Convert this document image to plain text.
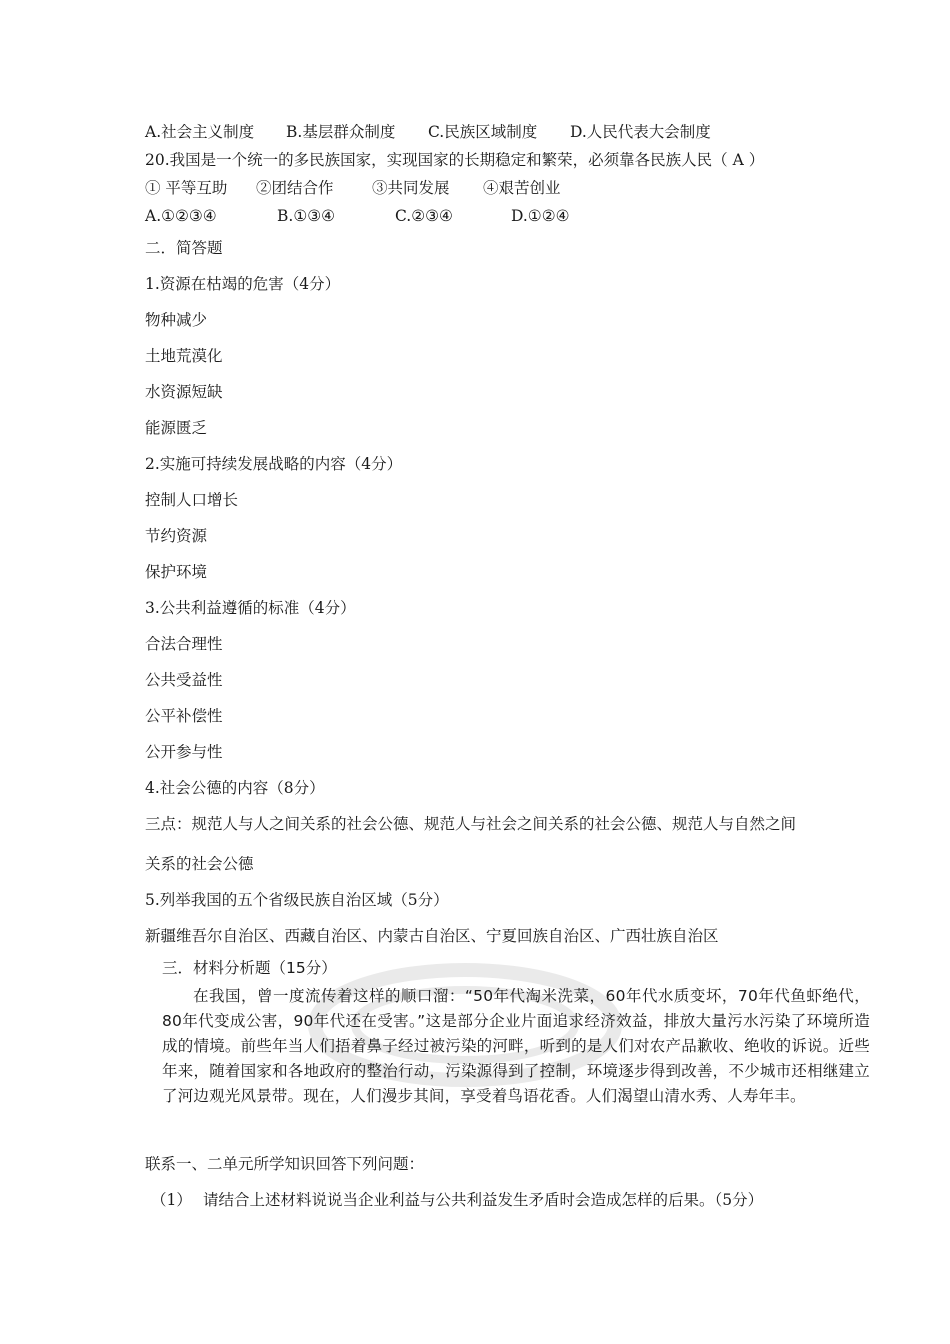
A.社会主义制度 B.基层群众制度 C.民族区域制度 D.人民代表大会制度
20.我国是一个统一的多民族国家，实现国家的长期稳定和繁荣，必须靠各民族人民（ A ）
① 平等互助 ②团结合作 ③共同发展 ④艰苦创业
A.①②③④	B.①③④	C.②③④	D.①②④
二．简答题
1.资源在枯竭的危害（4分）
物种减少
土地荒漠化
水资源短缺
能源匮乏
2.实施可持续发展战略的内容（4分）
控制人口增长
节约资源
保护环境
3.公共利益遵循的标准（4分）
合法合理性
公共受益性
公平补偿性
公开参与性
4.社会公德的内容（8分）
三点：规范人与人之间关系的社会公德、规范人与社会之间关系的社会公德、规范人与自然之间
关系的社会公德
5.列举我国的五个省级民族自治区域（5分）
新疆维吾尔自治区、西藏自治区、内蒙古自治区、宁夏回族自治区、广西壮族自治区
三．材料分析题（15分）
在我国，曾一度流传着这样的顺口溜：“50年代淘米洗菜，60年代水质变坏，70年代鱼虾绝代，80年代变成公害，90年代还在受害。”这是部分企业片面追求经济效益，排放大量污水污染了环境所造成的情境。前些年当人们捂着鼻子经过被污染的河畔，听到的是人们对农产品歉收、绝收的诉说。近些年来，随着国家和各地政府的整治行动，污染源得到了控制，环境逐步得到改善，不少城市还相继建立了河边观光风景带。现在，人们漫步其间，享受着鸟语花香。人们渴望山清水秀、人寿年丰。
联系一、二单元所学知识回答下列问题：
（1） 请结合上述材料说说当企业利益与公共利益发生矛盾时会造成怎样的后果。（5分）
